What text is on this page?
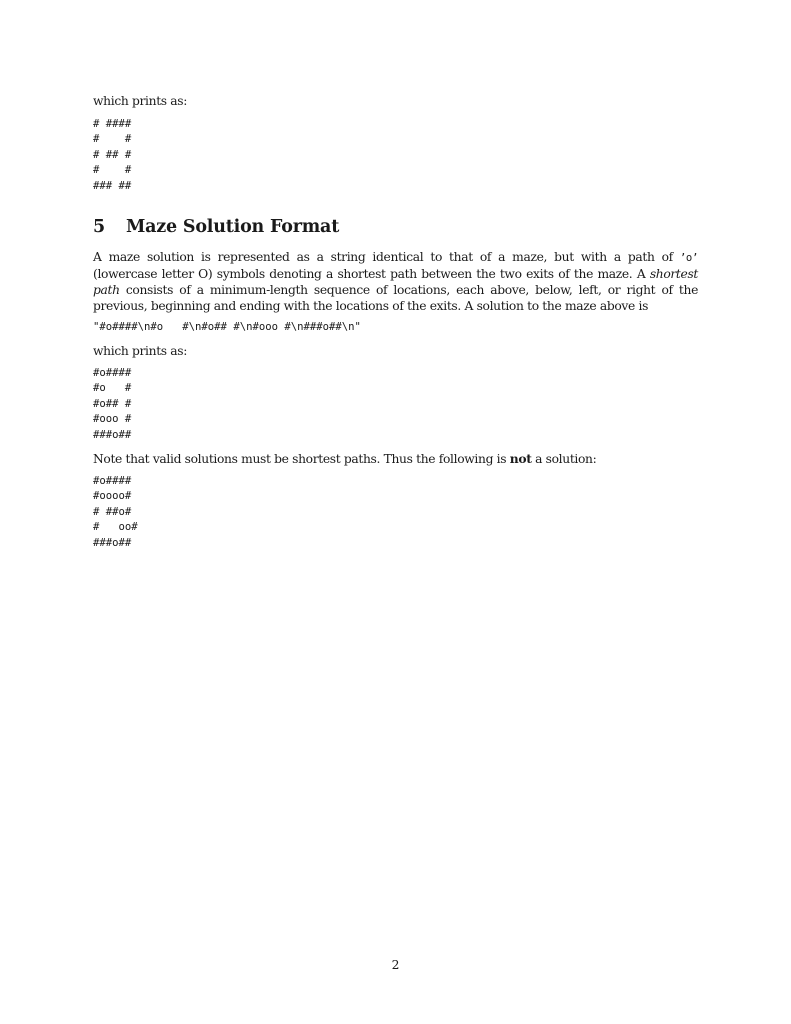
which prints as:

# ####
#    #
# ## #
#    #
### ##
5 Maze Solution Format

A maze solution is represented as a string identical to that of a maze, but with a path of ’o’ (lowercase letter O) symbols denoting a shortest path between the two exits of the maze. A shortest path consists of a minimum-length sequence of locations, each above, below, left, or right of the previous, beginning and ending with the locations of the exits. A solution to the maze above is

"#o####\n#o   #\n#o## #\n#ooo #\n###o##\n"

which prints as:

#o####
#o   #
#o## #
#ooo #
###o##

Note that valid solutions must be shortest paths. Thus the following is not a solution:

#o####
#oooo#
# ##o#
#   oo#
###o##
2
